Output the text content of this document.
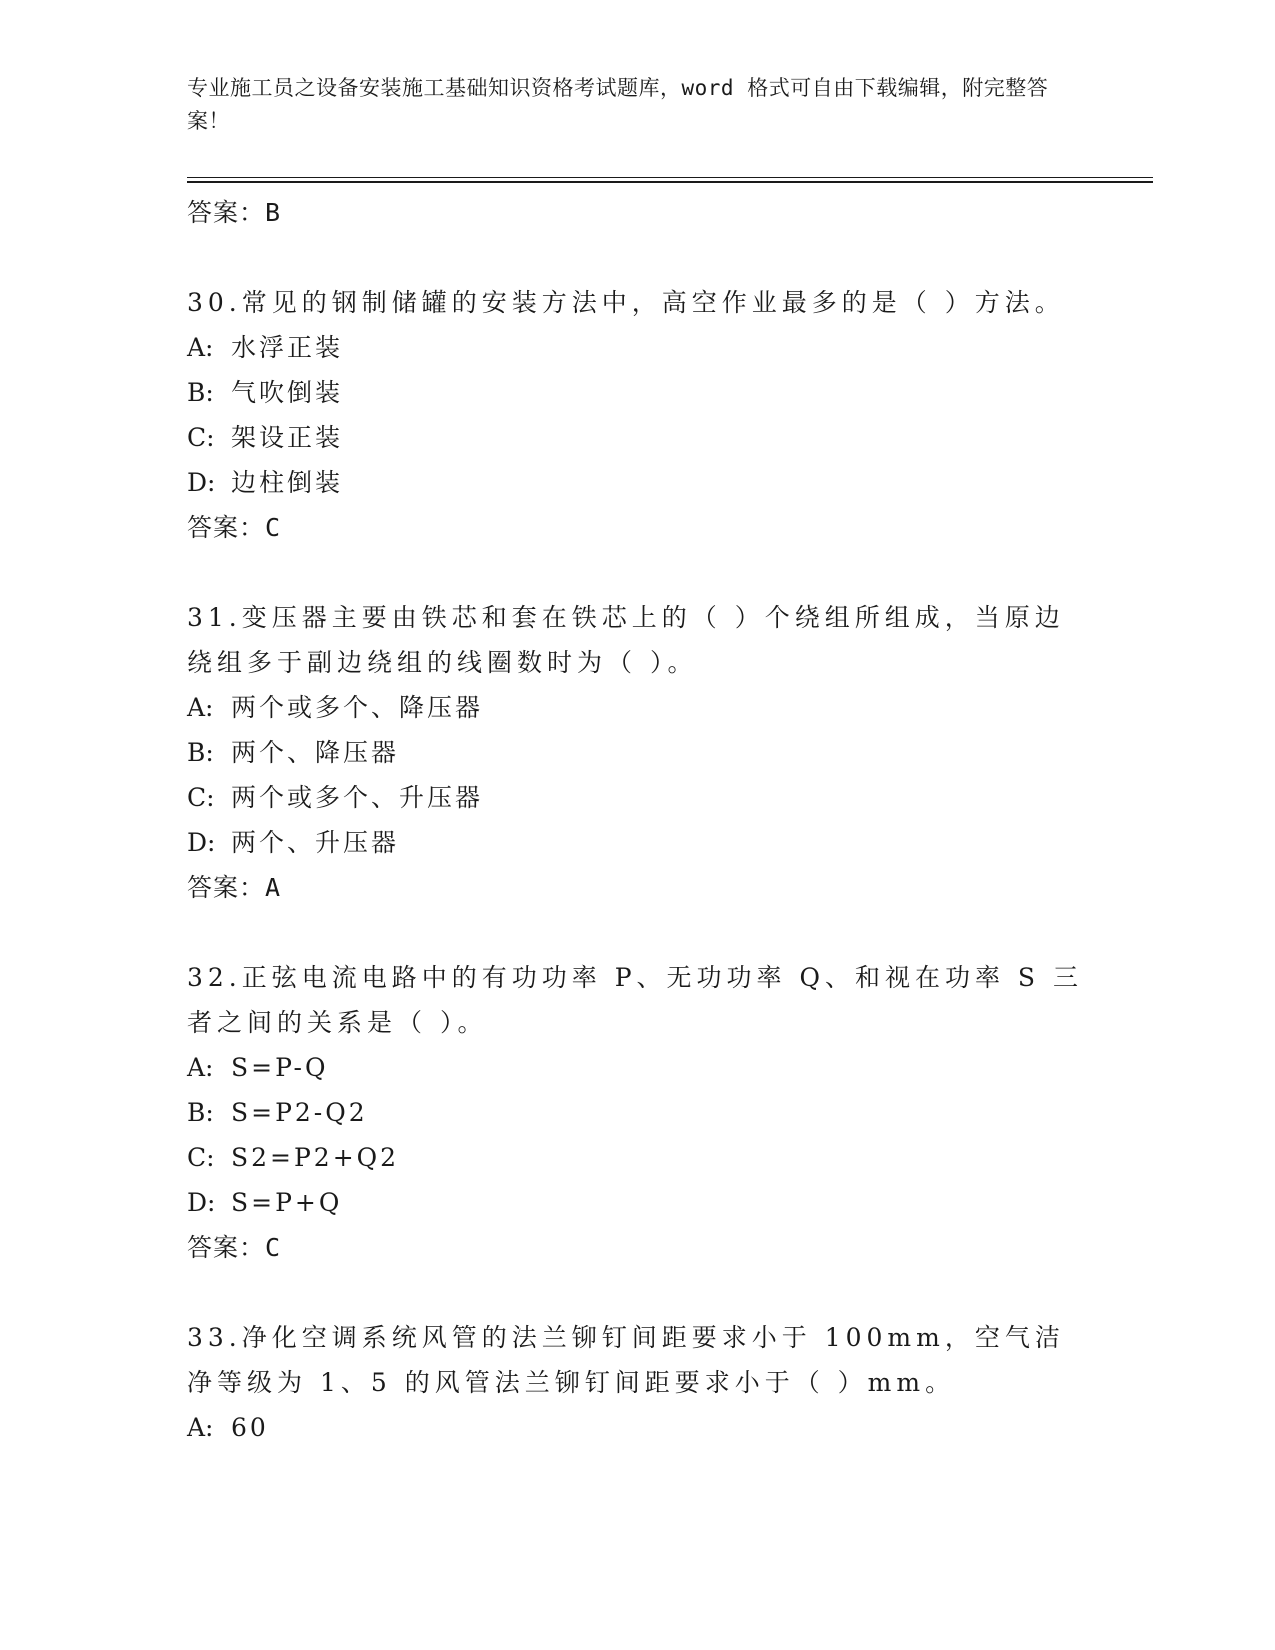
专业施工员之设备安装施工基础知识资格考试题库，word 格式可自由下载编辑，附完整答案！
答案：B
30.常见的钢制储罐的安装方法中，高空作业最多的是（ ）方法。
A: 水浮正装
B: 气吹倒装
C: 架设正装
D: 边柱倒装
答案：C
31.变压器主要由铁芯和套在铁芯上的（ ）个绕组所组成，当原边绕组多于副边绕组的线圈数时为（ ）。
A: 两个或多个、降压器
B: 两个、降压器
C: 两个或多个、升压器
D: 两个、升压器
答案：A
32.正弦电流电路中的有功功率 P、无功功率 Q、和视在功率 S 三者之间的关系是（ ）。
A: S=P-Q
B: S=P2-Q2
C: S2=P2+Q2
D: S=P+Q
答案：C
33.净化空调系统风管的法兰铆钉间距要求小于 100mm，空气洁净等级为 1、5 的风管法兰铆钉间距要求小于（ ）mm。
A: 60
